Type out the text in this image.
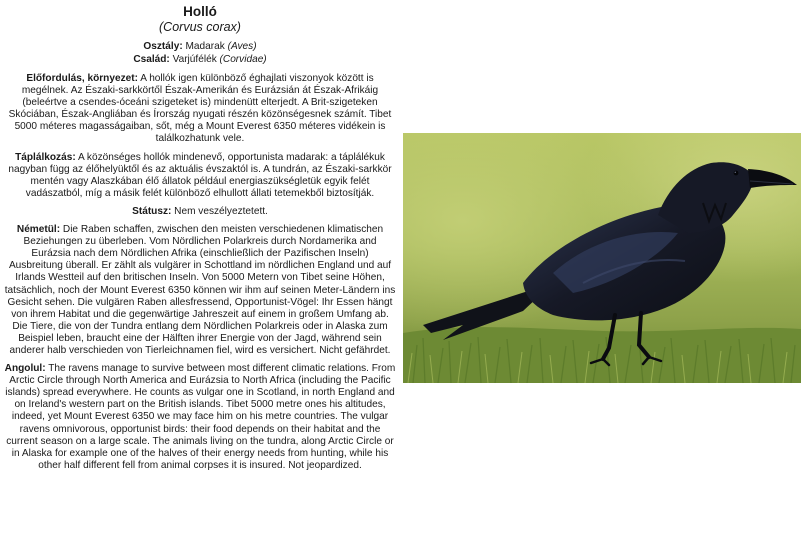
Holló
(Corvus corax)
Osztály: Madarak (Aves)
Család: Varjúfélék (Corvidae)

Előfordulás, környezet: A hollók igen különböző éghajlati viszonyok között is megélnek. Az Északi-sarkkörtől Észak-Amerikán és Eurázsián át Észak-Afrikáig (beleértve a csendes-óceáni szigeteket is) mindenütt elterjedt. A Brit-szigeteken Skóciában, Észak-Angliában és Írország nyugati részén közönségesnek számít. Tibet 5000 méteres magasságaiban, sőt, még a Mount Everest 6350 méteres vidékein is találkozhatunk vele.

Táplálkozás: A közönséges hollók mindenevő, opportunista madarak: a táplálékuk nagyban függ az élőhelyüktől és az aktuális évszaktól is. A tundrán, az Északi-sarkkör mentén vagy Alaszkában élő állatok például energiaszükségletük egyik felét vadászatból, míg a másik felét különböző elhullott állati tetemekből biztosítják.

Státusz: Nem veszélyeztetett.

Németül: Die Raben schaffen, zwischen den meisten verschiedenen klimatischen Beziehungen zu überleben. Vom Nördlichen Polarkreis durch Nordamerika and Eurázsia nach dem Nördlichen Afrika (einschließlich der Pazifischen Inseln) Ausbreitung überall. Er zählt als vulgärer in Schottland im nördlichen England und auf Irlands Westteil auf den britischen Inseln. Von 5000 Metern von Tibet seine Höhen, tatsächlich, noch der Mount Everest 6350 können wir ihm auf seinen Meter-Ländern ins Gesicht sehen. Die vulgären Raben allesfressend, Opportunist-Vögel: Ihr Essen hängt von ihrem Habitat und die gegenwärtige Jahreszeit auf einem in großem Umfang ab. Die Tiere, die von der Tundra entlang dem Nördlichen Polarkreis oder in Alaska zum Beispiel leben, braucht eine der Hälften ihrer Energie von der Jagd, während sein anderer halb verschieden von Tierleichnamen fiel, wird es versichert. Nicht gefährdet.

Angolul: The ravens manage to survive between most different climatic relations. From Arctic Circle through North America and Eurázsia to North Africa (including the Pacific islands) spread everywhere. He counts as vulgar one in Scotland, in north England and on Ireland's western part on the British islands. Tibet 5000 metre ones his altitudes, indeed, yet Mount Everest 6350 we may face him on his metre countries. The vulgar ravens omnivorous, opportunist birds: their food depends on their habitat and the current season on a large scale. The animals living on the tundra, along Arctic Circle or in Alaska for example one of the halves of their energy needs from hunting, while his other half different fell from animal corpses it is insured. Not jeopardized.
